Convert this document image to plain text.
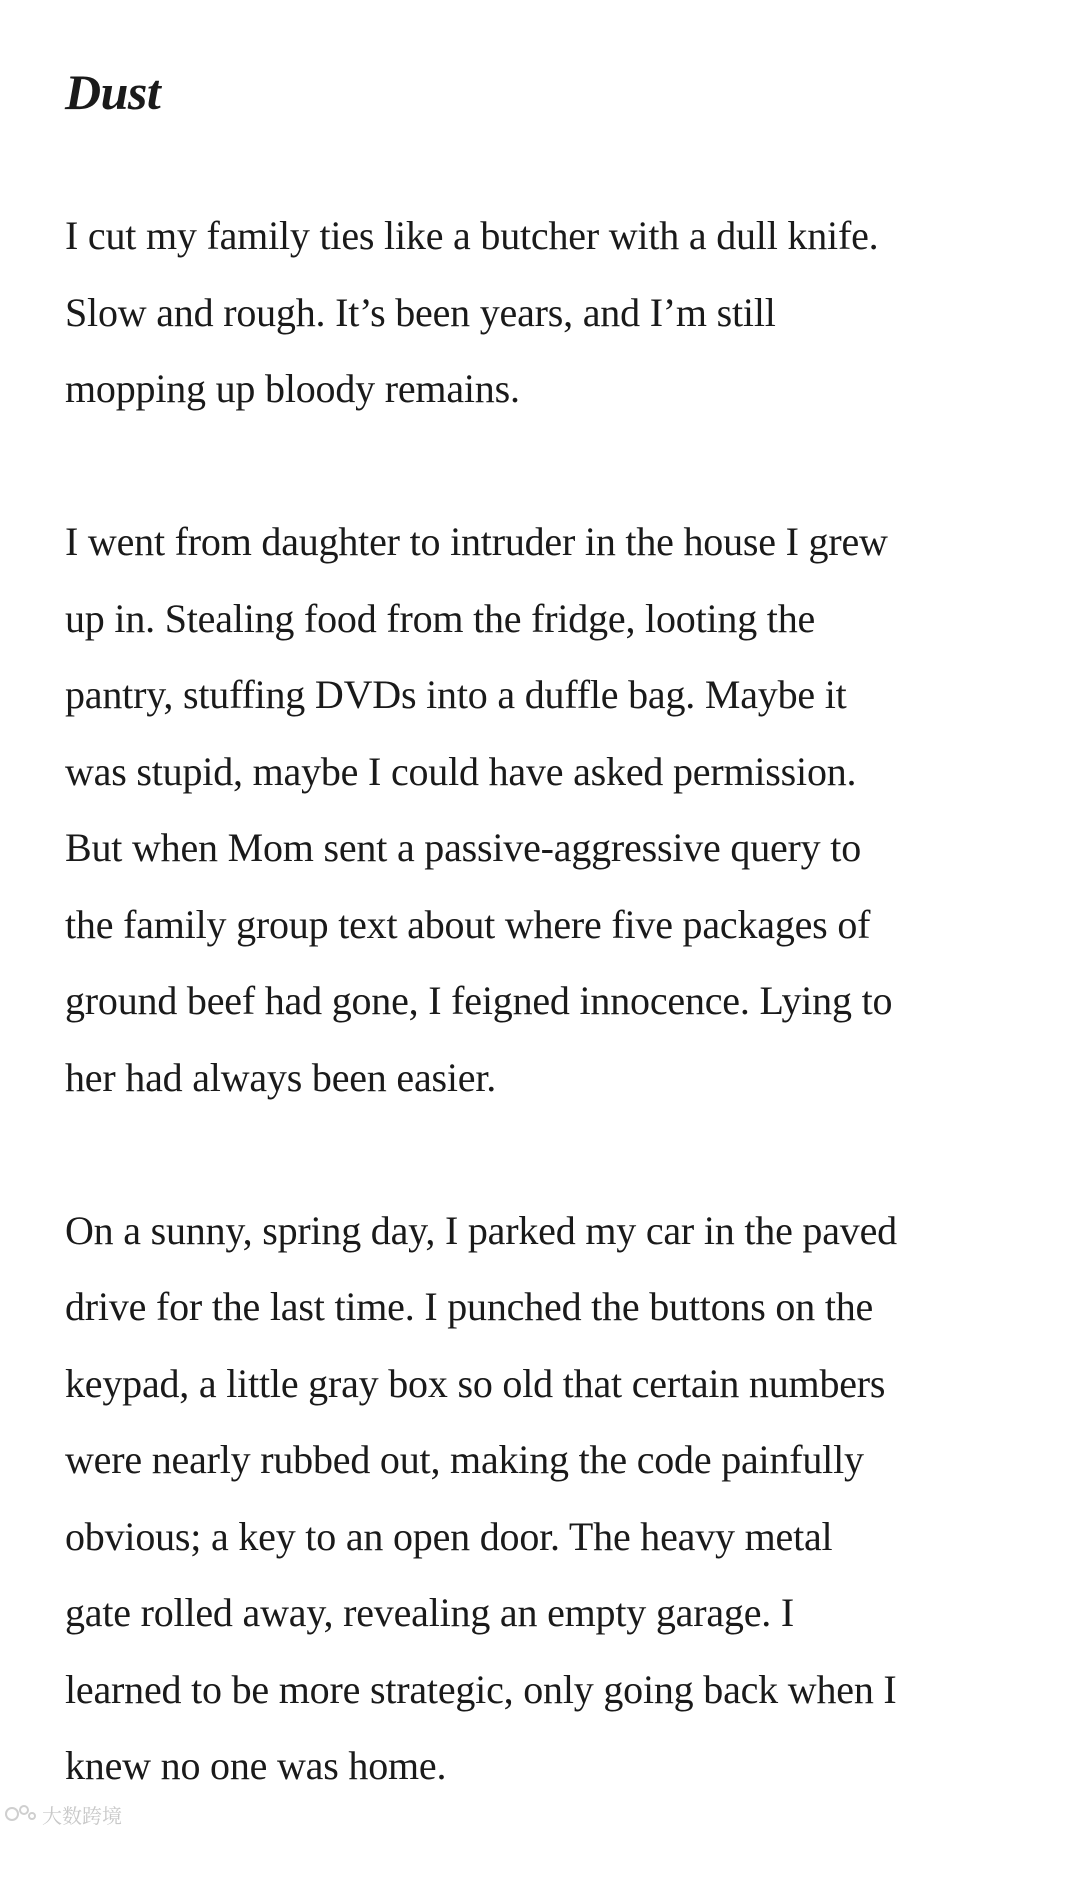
Dust

I cut my family ties like a butcher with a dull knife.
Slow and rough. It’s been years, and I’m still
mopping up bloody remains.

I went from daughter to intruder in the house I grew
up in. Stealing food from the fridge, looting the
pantry, stuffing DVDs into a duffle bag. Maybe it
was stupid, maybe I could have asked permission.
But when Mom sent a passive-aggressive query to
the family group text about where five packages of
ground beef had gone, I feigned innocence. Lying to
her had always been easier.

On a sunny, spring day, I parked my car in the paved
drive for the last time. I punched the buttons on the
keypad, a little gray box so old that certain numbers
were nearly rubbed out, making the code painfully
obvious; a key to an open door. The heavy metal
gate rolled away, revealing an empty garage. I
learned to be more strategic, only going back when I
knew no one was home.

大数跨境
